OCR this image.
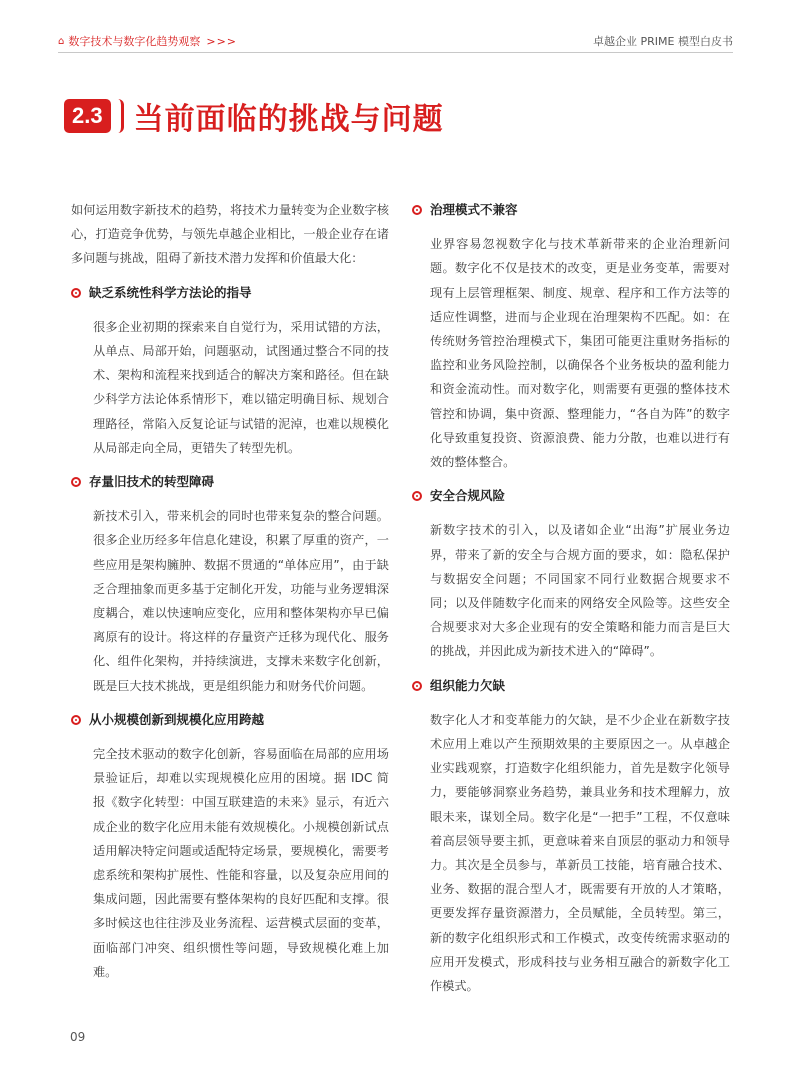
⌂ 数字技术与数字化趋势观察 >>>	卓越企业 PRIME 模型白皮书
2.3 当前面临的挑战与问题

如何运用数字新技术的趋势，将技术力量转变为企业数字核心，打造竞争优势，与领先卓越企业相比，一般企业存在诸多问题与挑战，阻碍了新技术潜力发挥和价值最大化：

缺乏系统性科学方法论的指导

很多企业初期的探索来自自觉行为，采用试错的方法，从单点、局部开始，问题驱动，试图通过整合不同的技术、架构和流程来找到适合的解决方案和路径。但在缺少科学方法论体系情形下，难以锚定明确目标、规划合理路径，常陷入反复论证与试错的泥淖，也难以规模化从局部走向全局，更错失了转型先机。

存量旧技术的转型障碍

新技术引入，带来机会的同时也带来复杂的整合问题。很多企业历经多年信息化建设，积累了厚重的资产，一些应用是架构臃肿、数据不贯通的“单体应用”，由于缺乏合理抽象而更多基于定制化开发，功能与业务逻辑深度耦合，难以快速响应变化，应用和整体架构亦早已偏离原有的设计。将这样的存量资产迁移为现代化、服务化、组件化架构，并持续演进，支撑未来数字化创新，既是巨大技术挑战，更是组织能力和财务代价问题。

从小规模创新到规模化应用跨越

完全技术驱动的数字化创新，容易面临在局部的应用场景验证后，却难以实现规模化应用的困境。据 IDC 简报《数字化转型：中国互联建造的未来》显示，有近六成企业的数字化应用未能有效规模化。小规模创新试点适用解决特定问题或适配特定场景，要规模化，需要考虑系统和架构扩展性、性能和容量，以及复杂应用间的集成问题，因此需要有整体架构的良好匹配和支撑。很多时候这也往往涉及业务流程、运营模式层面的变革，面临部门冲突、组织惯性等问题，导致规模化难上加难。

治理模式不兼容

业界容易忽视数字化与技术革新带来的企业治理新问题。数字化不仅是技术的改变，更是业务变革，需要对现有上层管理框架、制度、规章、程序和工作方法等的适应性调整，进而与企业现在治理架构不匹配。如：在传统财务管控治理模式下，集团可能更注重财务指标的监控和业务风险控制，以确保各个业务板块的盈利能力和资金流动性。而对数字化，则需要有更强的整体技术管控和协调，集中资源、整理能力，“各自为阵”的数字化导致重复投资、资源浪费、能力分散，也难以进行有效的整体整合。

安全合规风险

新数字技术的引入，以及诸如企业“出海”扩展业务边界，带来了新的安全与合规方面的要求，如：隐私保护与数据安全问题；不同国家不同行业数据合规要求不同；以及伴随数字化而来的网络安全风险等。这些安全合规要求对大多企业现有的安全策略和能力而言是巨大的挑战，并因此成为新技术进入的“障碍”。

组织能力欠缺

数字化人才和变革能力的欠缺，是不少企业在新数字技术应用上难以产生预期效果的主要原因之一。从卓越企业实践观察，打造数字化组织能力，首先是数字化领导力，要能够洞察业务趋势，兼具业务和技术理解力，放眼未来，谋划全局。数字化是“一把手”工程，不仅意味着高层领导要主抓，更意味着来自顶层的驱动力和领导力。其次是全员参与，革新员工技能，培育融合技术、业务、数据的混合型人才，既需要有开放的人才策略，更要发挥存量资源潜力，全员赋能，全员转型。第三，新的数字化组织形式和工作模式，改变传统需求驱动的应用开发模式，形成科技与业务相互融合的新数字化工作模式。

09
